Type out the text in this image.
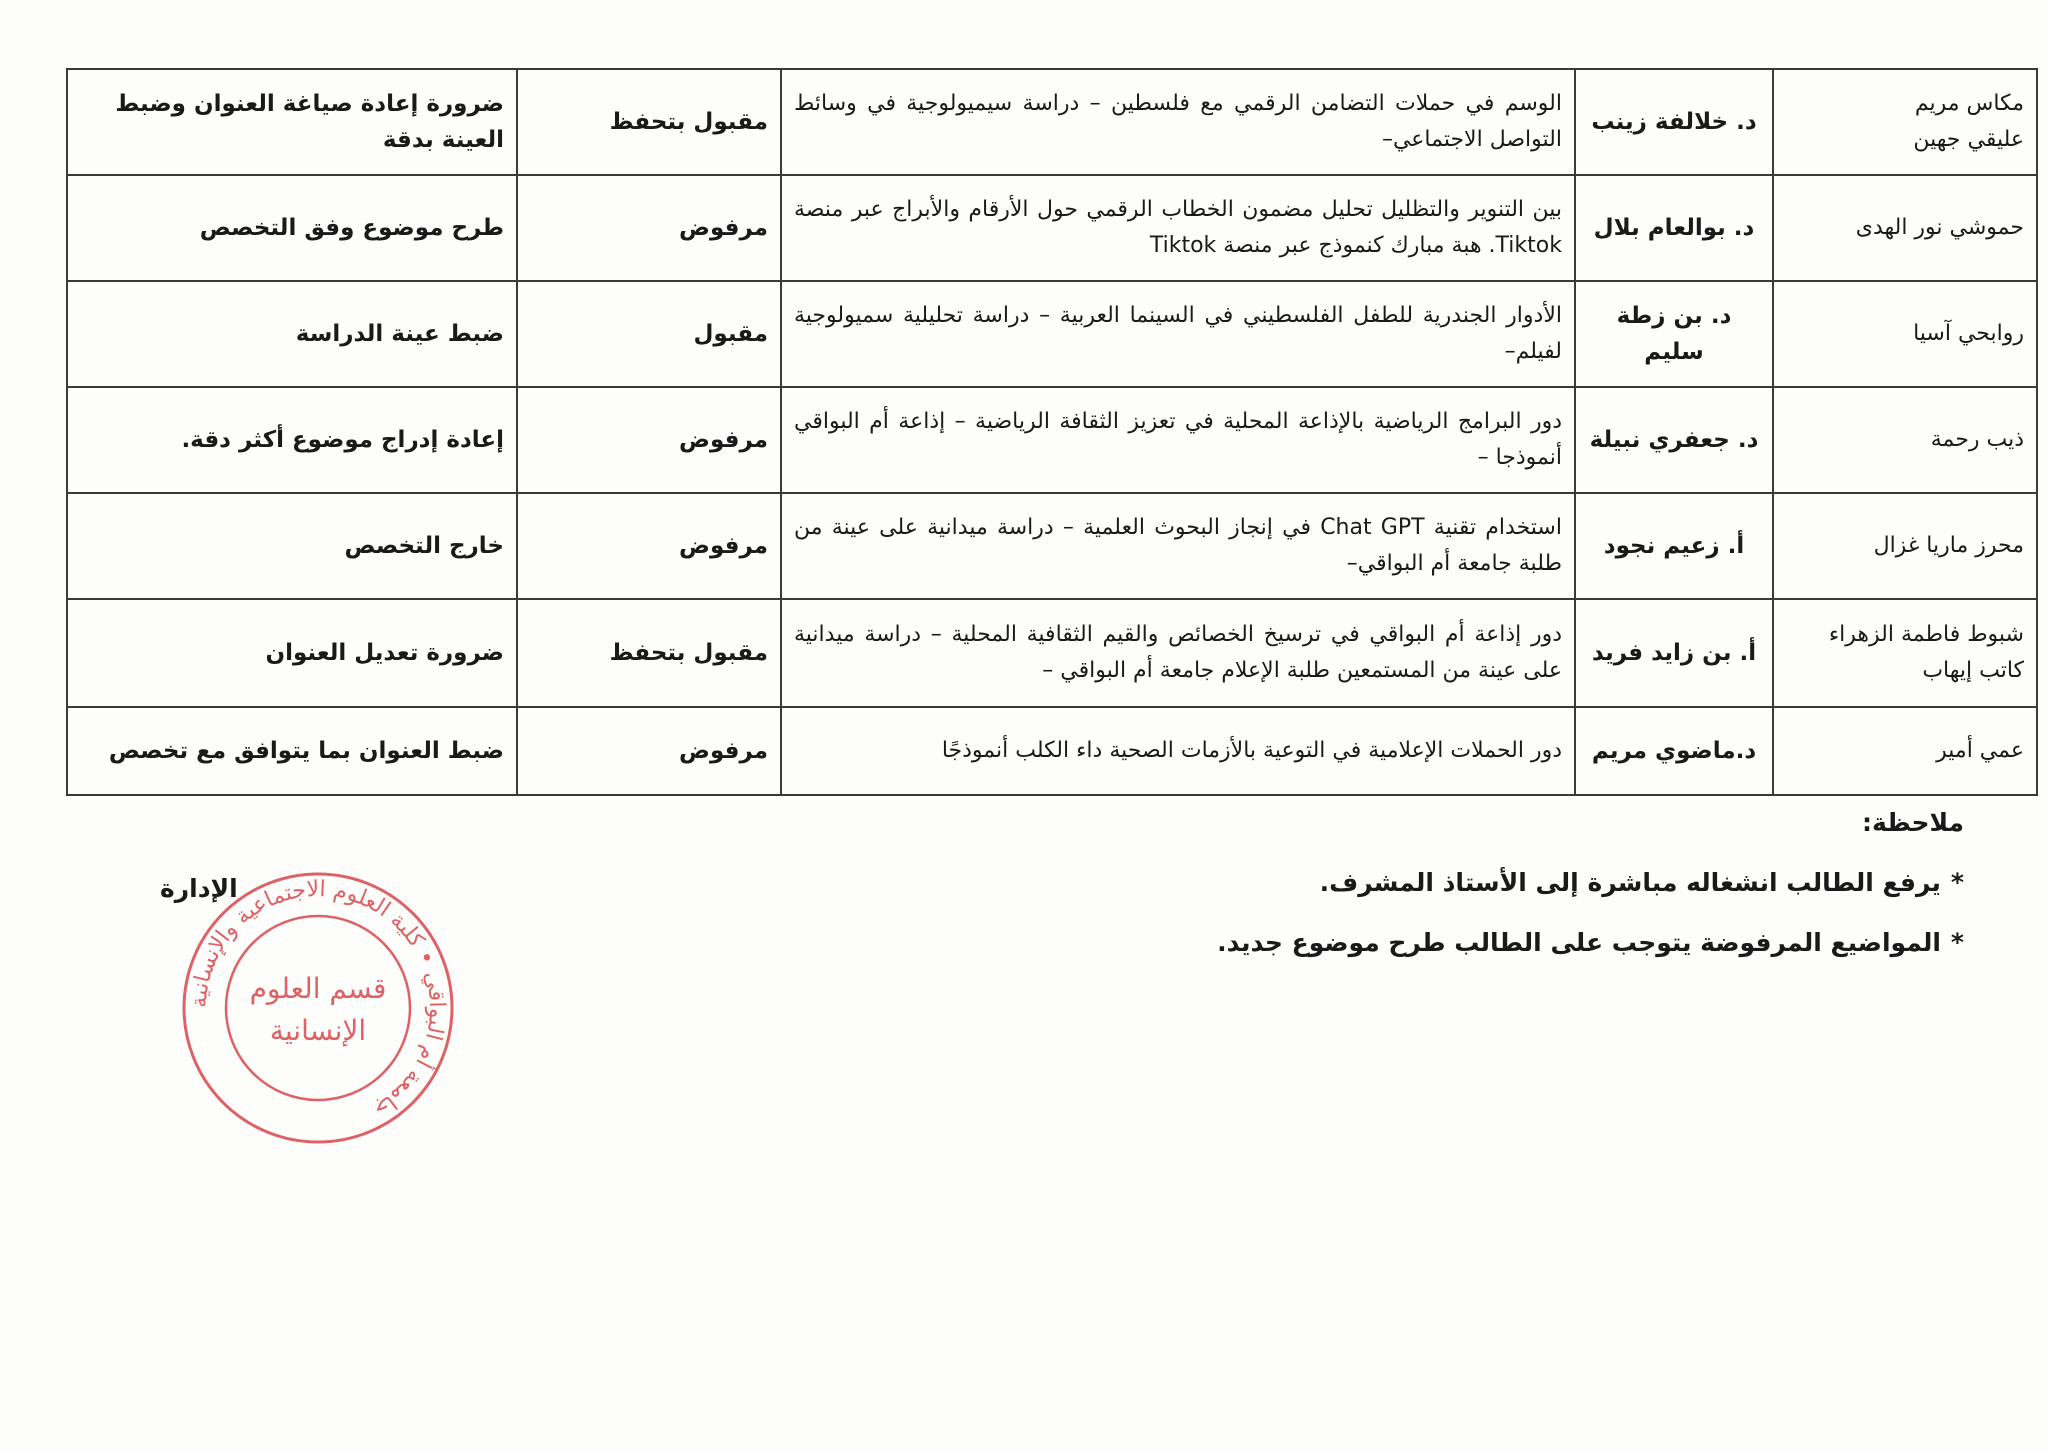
مكاس مريم
عليقي جهين	د. خلالفة زينب	الوسم في حملات التضامن الرقمي مع فلسطين – دراسة سيميولوجية في وسائط التواصل الاجتماعي–	مقبول بتحفظ	ضرورة إعادة صياغة العنوان وضبط العينة بدقة

حموشي نور الهدى	د. بوالعام بلال	بين التنوير والتظليل تحليل مضمون الخطاب الرقمي حول الأرقام والأبراج عبر منصة Tiktok. هبة مبارك كنموذج عبر منصة Tiktok	مرفوض	طرح موضوع وفق التخصص

روابحي آسيا	د. بن زطة سليم	الأدوار الجندرية للطفل الفلسطيني في السينما العربية – دراسة تحليلية سميولوجية لفيلم–	مقبول	ضبط عينة الدراسة

ذيب رحمة	د. جعفري نبيلة	دور البرامج الرياضية بالإذاعة المحلية في تعزيز الثقافة الرياضية – إذاعة أم البواقي أنموذجا –	مرفوض	إعادة إدراج موضوع أكثر دقة.

محرز ماريا غزال	أ. زعيم نجود	استخدام تقنية Chat GPT في إنجاز البحوث العلمية – دراسة ميدانية على عينة من طلبة جامعة أم البواقي–	مرفوض	خارج التخصص

شبوط فاطمة الزهراء
كاتب إيهاب	أ. بن زايد فريد	دور إذاعة أم البواقي في ترسيخ الخصائص والقيم الثقافية المحلية – دراسة ميدانية على عينة من المستمعين طلبة الإعلام جامعة أم البواقي –	مقبول بتحفظ	ضرورة تعديل العنوان

عمي أمير	د.ماضوي مريم	دور الحملات الإعلامية في التوعية بالأزمات الصحية داء الكلب أنموذجًا	مرفوض	ضبط العنوان بما يتوافق مع تخصص
ملاحظة:
*يرفع الطالب انشغاله مباشرة إلى الأستاذ المشرف.
*المواضيع المرفوضة يتوجب على الطالب طرح موضوع جديد.
الإدارة
جامعة أم البواقي • كلية العلوم الاجتماعية والإنسانية
قسم العلوم
الإنسانية
